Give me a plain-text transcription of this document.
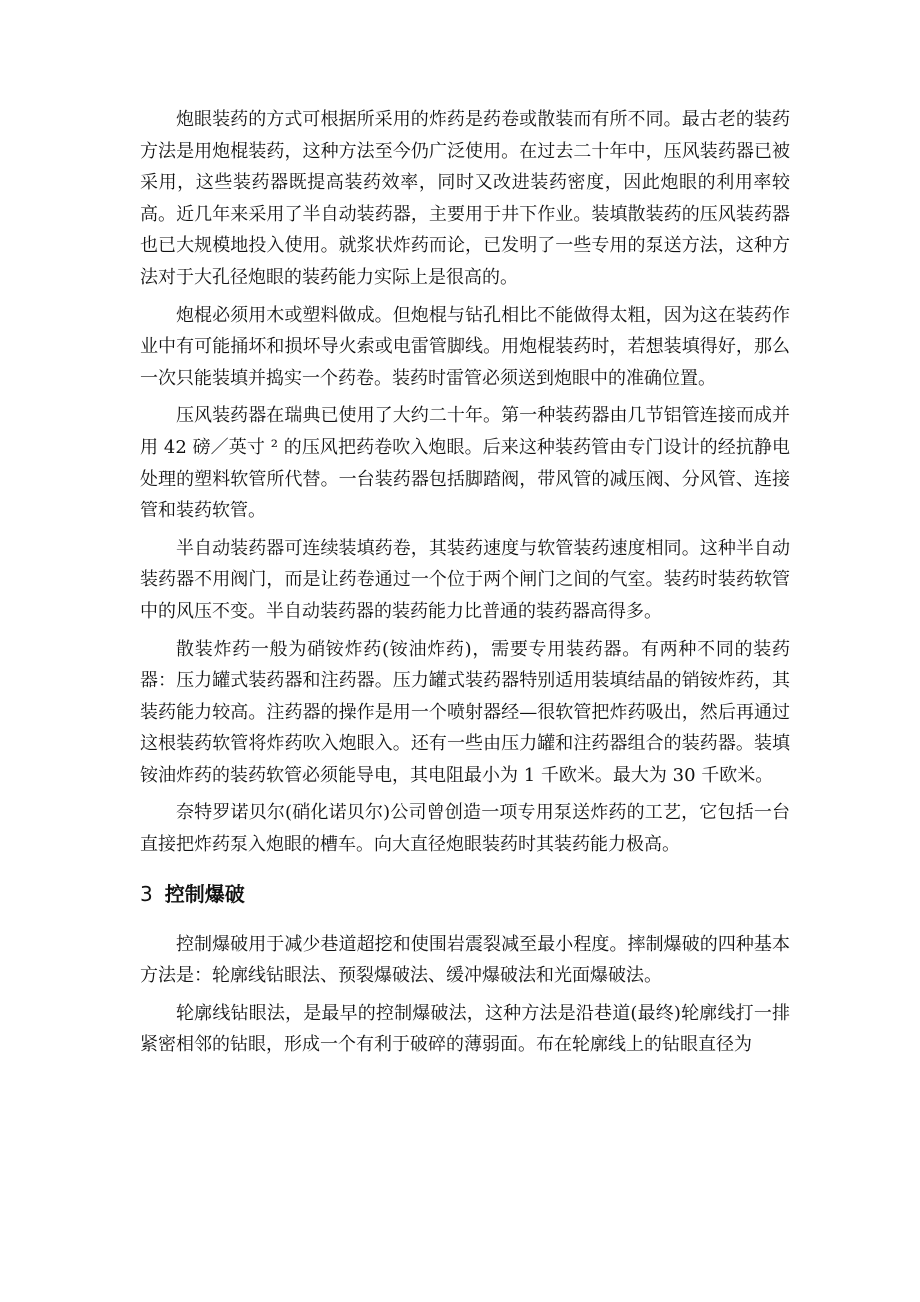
炮眼装药的方式可根据所采用的炸药是药卷或散装而有所不同。最古老的装药方法是用炮棍装药，这种方法至今仍广泛使用。在过去二十年中，压风装药器已被采用，这些装药器既提高装药效率，同时又改进装药密度，因此炮眼的利用率较高。近几年来采用了半自动装药器，主要用于井下作业。装填散装药的压风装药器也已大规模地投入使用。就浆状炸药而论，已发明了一些专用的泵送方法，这种方法对于大孔径炮眼的装药能力实际上是很高的。

炮棍必须用木或塑料做成。但炮棍与钻孔相比不能做得太粗，因为这在装药作业中有可能捅坏和损坏导火索或电雷管脚线。用炮棍装药时，若想装填得好，那么一次只能装填并捣实一个药卷。装药时雷管必须送到炮眼中的准确位置。

压风装药器在瑞典已使用了大约二十年。第一种装药器由几节铝管连接而成并用 42 磅／英寸 ² 的压风把药卷吹入炮眼。后来这种装药管由专门设计的经抗静电处理的塑料软管所代替。一台装药器包括脚踏阀，带风管的减压阀、分风管、连接管和装药软管。

半自动装药器可连续装填药卷，其装药速度与软管装药速度相同。这种半自动装药器不用阀门，而是让药卷通过一个位于两个闸门之间的气室。装药时装药软管中的风压不变。半自动装药器的装药能力比普通的装药器高得多。

散装炸药一般为硝铵炸药(铵油炸药)，需要专用装药器。有两种不同的装药器：压力罐式装药器和注药器。压力罐式装药器特别适用装填结晶的销铵炸药，其装药能力较高。注药器的操作是用一个喷射器经—很软管把炸药吸出，然后再通过这根装药软管将炸药吹入炮眼入。还有一些由压力罐和注药器组合的装药器。装填铵油炸药的装药软管必须能导电，其电阻最小为 1 千欧米。最大为 30 千欧米。

奈特罗诺贝尔(硝化诺贝尔)公司曾创造一项专用泵送炸药的工艺，它包括一台直接把炸药泵入炮眼的槽车。向大直径炮眼装药时其装药能力极高。

3 控制爆破

控制爆破用于减少巷道超挖和使围岩震裂减至最小程度。摔制爆破的四种基本方法是：轮廓线钻眼法、预裂爆破法、缓冲爆破法和光面爆破法。

轮廓线钻眼法，是最早的控制爆破法，这种方法是沿巷道(最终)轮廓线打一排紧密相邻的钻眼，形成一个有利于破碎的薄弱面。布在轮廓线上的钻眼直径为
